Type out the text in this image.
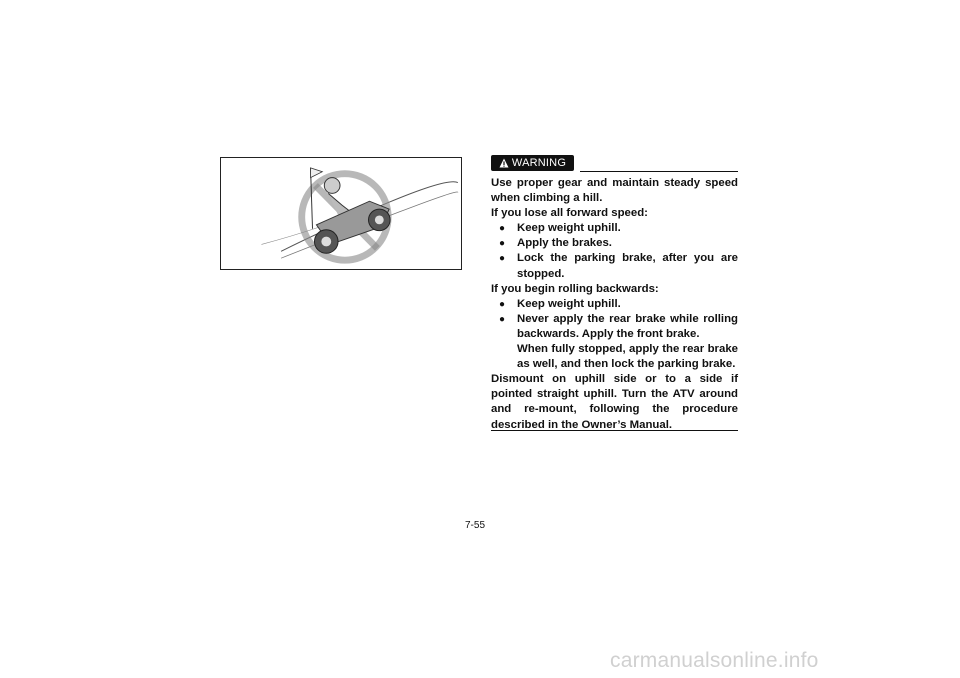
WARNING

Use proper gear and maintain steady speed when climbing a hill.

If you lose all forward speed:

●	Keep weight uphill.
●	Apply the brakes.
●	Lock the parking brake, after you are stopped.

If you begin rolling backwards:

●	Keep weight uphill.
●	Never apply the rear brake while rolling backwards. Apply the front brake.
When fully stopped, apply the rear brake as well, and then lock the parking brake.

Dismount on uphill side or to a side if pointed straight uphill. Turn the ATV around and re-mount, following the procedure described in the Owner’s Manual.

7-55
carmanualsonline.info
